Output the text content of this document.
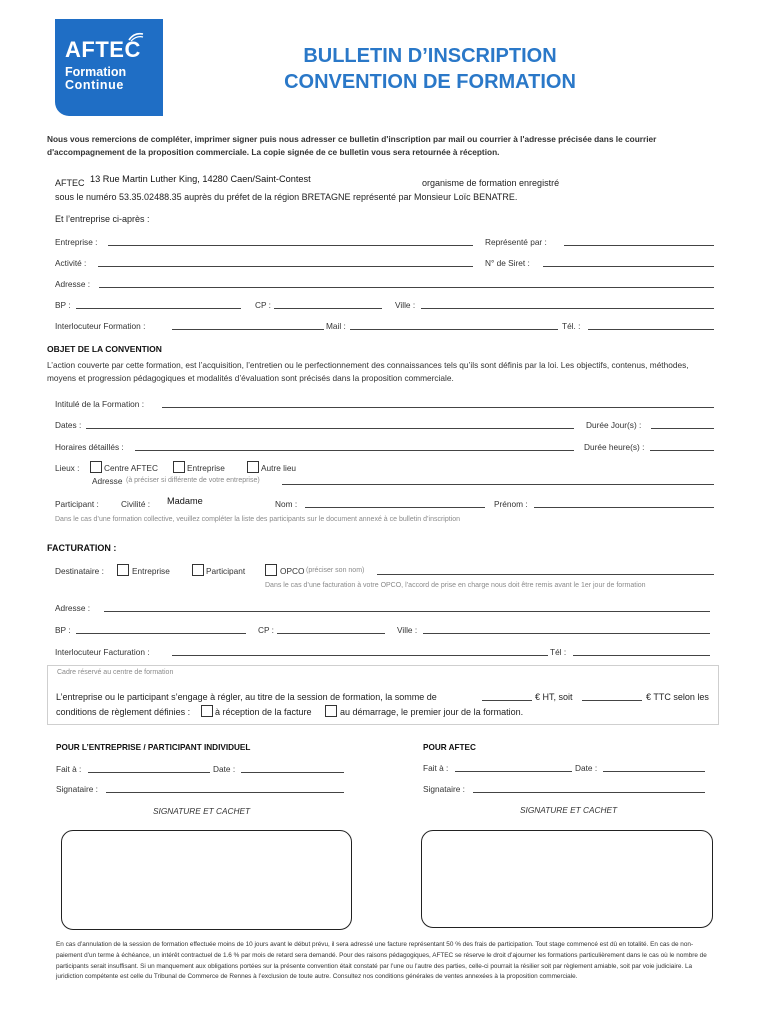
AFTEC
Formation
Continue
BULLETIN D’INSCRIPTION
CONVENTION DE FORMATION
Nous vous remercions de compléter, imprimer signer puis nous adresser ce bulletin d'inscription par mail ou courrier à l'adresse précisée dans le courrier d'accompagnement de la proposition commerciale. La copie signée de ce bulletin vous sera retournée à réception.
AFTEC 13 Rue Martin Luther King, 14280 Caen/Saint-Contest	organisme de formation enregistré
sous le numéro 53.35.02488.35 auprès du préfet de la région BRETAGNE représenté par Monsieur Loïc BENATRE.
Et l’entreprise ci-après :
Entreprise :	Représenté par :
Activité :	N° de Siret :
Adresse :
BP :	CP :	Ville :
Interlocuteur Formation :	Mail :	Tél. :
OBJET DE LA CONVENTION
L’action couverte par cette formation, est l’acquisition, l’entretien ou le perfectionnement des connaissances tels qu’ils sont définis par la loi. Les objectifs, contenus, méthodes, moyens et progression pédagogiques et modalités d’évaluation sont précisés dans la proposition commerciale.
Intitulé de la Formation :
Dates :	Durée Jour(s) :
Horaires détaillés :	Durée heure(s) :
Lieux :	Centre AFTEC	Entreprise	Autre lieu
Adresse (à préciser si différente de votre entreprise)
Participant :	Civilité : Madame	Nom :	Prénom :
Dans le cas d’une formation collective, veuillez compléter la liste des participants sur le document annexé à ce bulletin d’inscription
FACTURATION :
Destinataire :	Entreprise	Participant	OPCO (préciser son nom)
Dans le cas d’une facturation à votre OPCO, l’accord de prise en charge nous doit être remis avant le 1er jour de formation
Adresse :
BP :	CP :	Ville :
Interlocuteur Facturation :	Tél :
Cadre réservé au centre de formation
L’entreprise ou le participant s’engage à régler, au titre de la session de formation, la somme de	€ HT, soit	€ TTC selon les
conditions de règlement définies :	à réception de la facture	au démarrage, le premier jour de la formation.
POUR L’ENTREPRISE / PARTICIPANT INDIVIDUEL	POUR AFTEC
Fait à :	Date :	Fait à :	Date :
Signataire :	Signataire :
SIGNATURE ET CACHET	SIGNATURE ET CACHET
En cas d’annulation de la session de formation effectuée moins de 10 jours avant le début prévu, il sera adressé une facture représentant 50 % des frais de participation. Tout stage commencé est dû en totalité. En cas de non-paiement d’un terme à échéance, un intérêt contractuel de 1.6 % par mois de retard sera demandé. Pour des raisons pédagogiques, AFTEC se réserve le droit d’ajourner les formations particulièrement dans le cas où le nombre de participants serait insuffisant. Si un manquement aux obligations portées sur la présente convention était constaté par l’une ou l’autre des parties, celle-ci pourrait la résilier soit par règlement amiable, soit par voie judiciaire. La juridiction compétente est celle du Tribunal de Commerce de Rennes à l’exclusion de toute autre. Consultez nos conditions générales de ventes annexées à la proposition commerciale.
